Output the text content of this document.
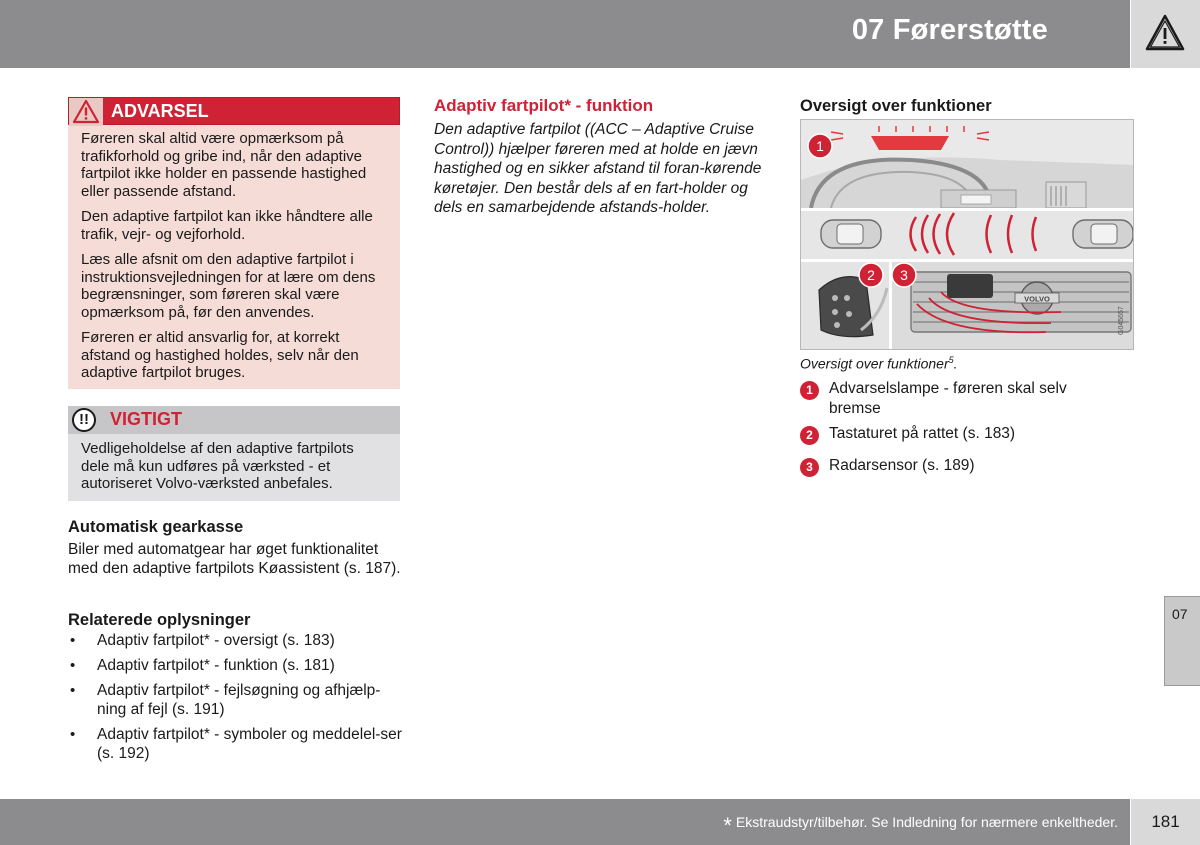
07 Førerstøtte
ADVARSEL

Føreren skal altid være opmærksom på trafikforhold og gribe ind, når den adaptive fartpilot ikke holder en passende hastighed eller passende afstand.

Den adaptive fartpilot kan ikke håndtere alle trafik, vejr- og vejforhold.

Læs alle afsnit om den adaptive fartpilot i instruktionsvejledningen for at lære om dens begrænsninger, som føreren skal være opmærksom på, før den anvendes.

Føreren er altid ansvarlig for, at korrekt afstand og hastighed holdes, selv når den adaptive fartpilot bruges.

!!	VIGTIGT
Vedligeholdelse af den adaptive fartpilots dele må kun udføres på værksted - et autoriseret Volvo-værksted anbefales.
Automatisk gearkasse
Biler med automatgear har øget funktionalitet med den adaptive fartpilots Køassistent (s. 187).
Relaterede oplysninger
• Adaptiv fartpilot* - oversigt (s. 183)
• Adaptiv fartpilot* - funktion (s. 181)
• Adaptiv fartpilot* - fejlsøgning og afhjælp-ning af fejl (s. 191)
• Adaptiv fartpilot* - symboler og meddelel-ser (s. 192)
Adaptiv fartpilot* - funktion
Den adaptive fartpilot ((ACC – Adaptive Cruise Control)) hjælper føreren med at holde en jævn hastighed og en sikker afstand til foran-kørende køretøjer. Den består dels af en fart-holder og dels en samarbejdende afstands-holder.
Oversigt over funktioner
1
VOLVO
2 3
G045657
Oversigt over funktioner$^5$.
1	Advarselslampe - føreren skal selv bremse
2	Tastaturet på rattet (s. 183)
3	Radarsensor (s. 189)
07
* Ekstraudstyr/tilbehør. Se Indledning for nærmere enkeltheder.	181
